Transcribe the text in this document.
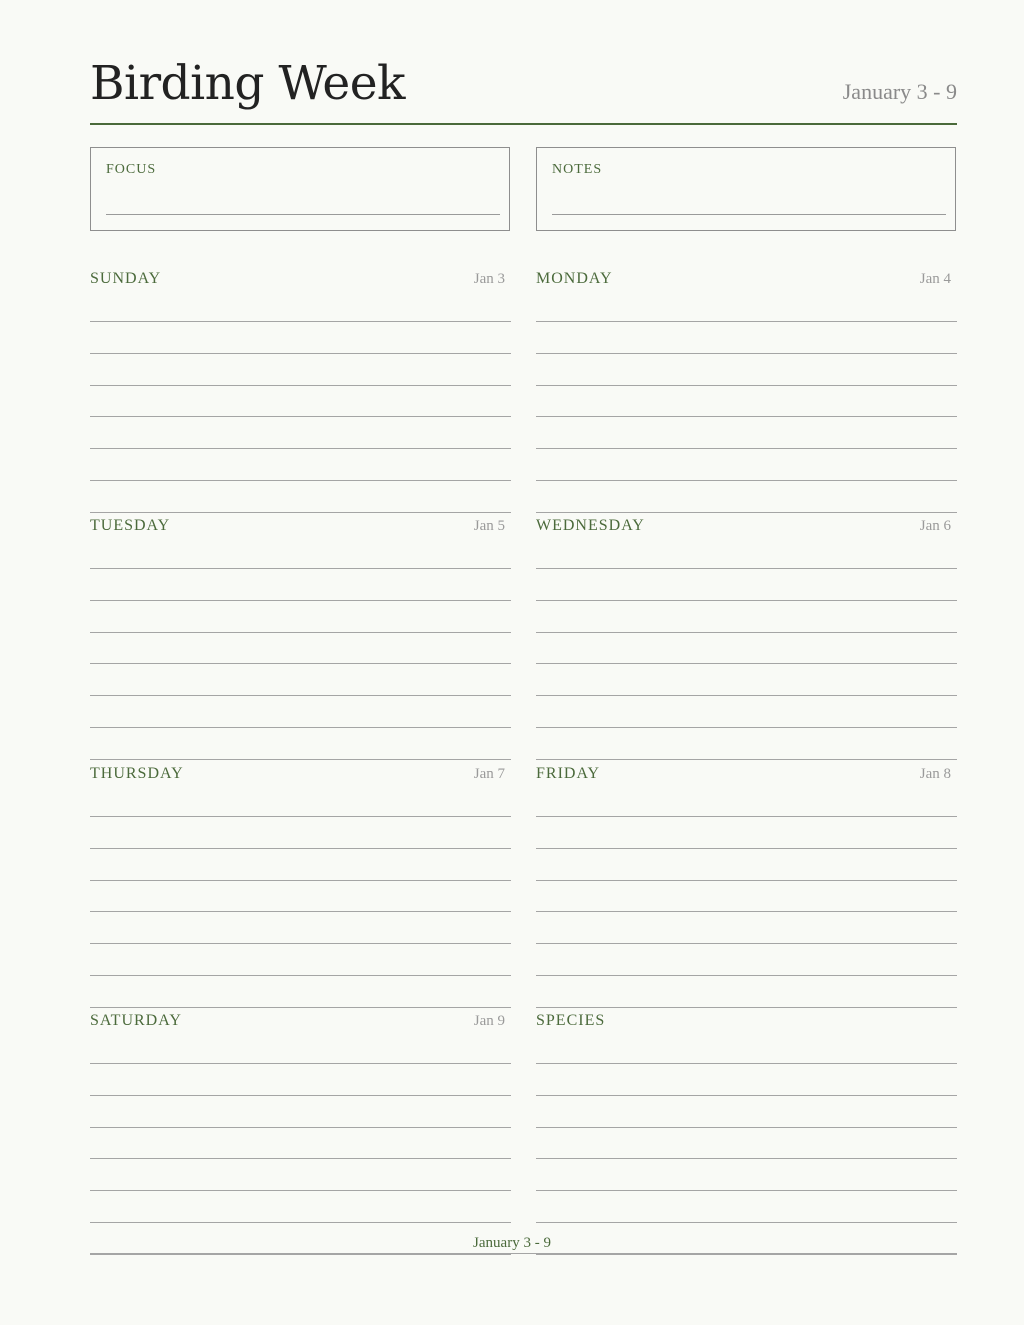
Birding Week	January 3 - 9
FOCUS	NOTES
SUNDAY	Jan 3 MONDAY	Jan 4
TUESDAY	Jan 5 WEDNESDAY	Jan 6
THURSDAY	Jan 7 FRIDAY	Jan 8
SATURDAY	Jan 9 SPECIES
January 3 - 9
